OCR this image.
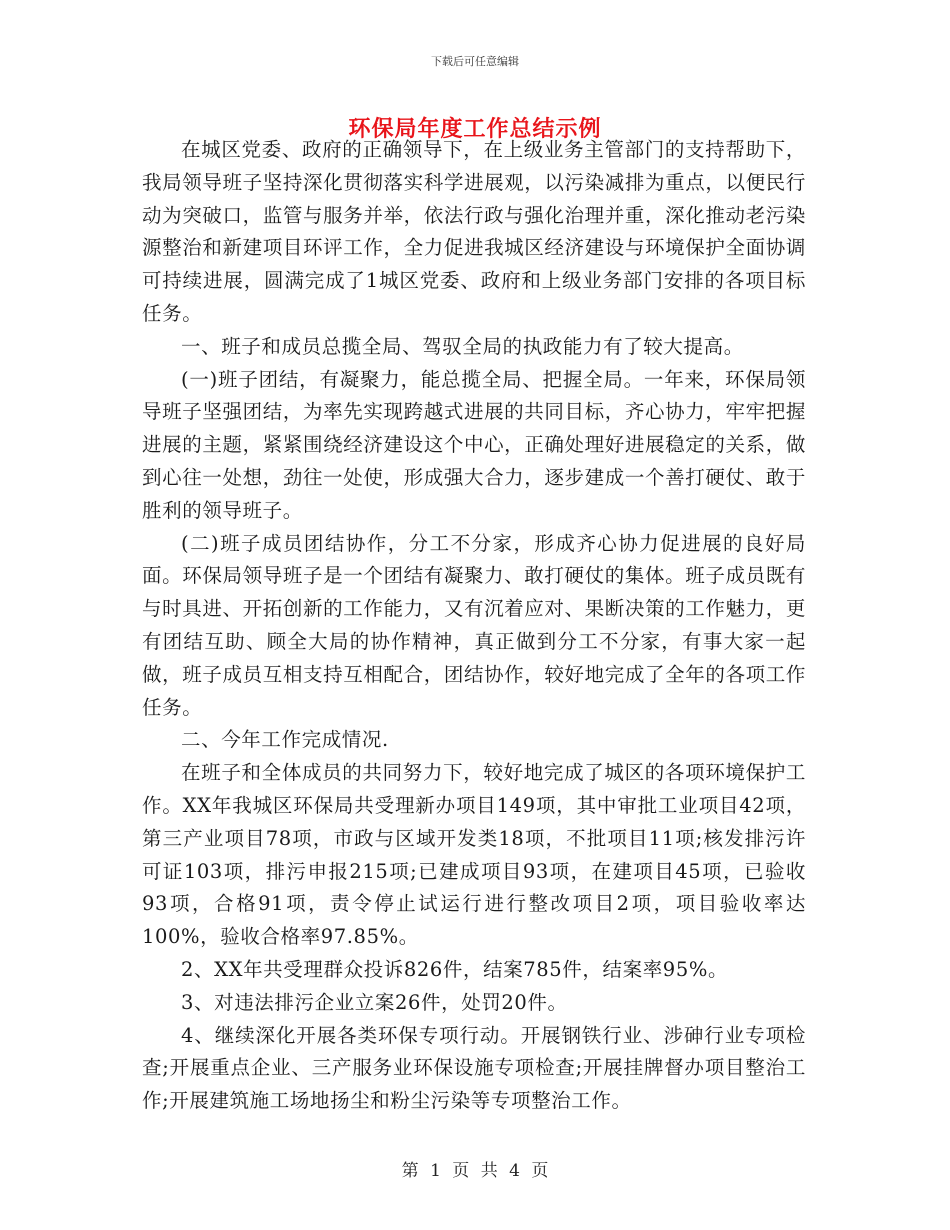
下载后可任意编辑
环保局年度工作总结示例

在城区党委、政府的正确领导下，在上级业务主管部门的支持帮助下，我局领导班子坚持深化贯彻落实科学进展观，以污染减排为重点，以便民行动为突破口，监管与服务并举，依法行政与强化治理并重，深化推动老污染源整治和新建项目环评工作，全力促进我城区经济建设与环境保护全面协调可持续进展，圆满完成了1城区党委、政府和上级业务部门安排的各项目标任务。

一、班子和成员总揽全局、驾驭全局的执政能力有了较大提高。

(一)班子团结，有凝聚力，能总揽全局、把握全局。一年来，环保局领导班子坚强团结，为率先实现跨越式进展的共同目标，齐心协力，牢牢把握进展的主题，紧紧围绕经济建设这个中心，正确处理好进展稳定的关系，做到心往一处想，劲往一处使，形成强大合力，逐步建成一个善打硬仗、敢于胜利的领导班子。

(二)班子成员团结协作，分工不分家，形成齐心协力促进展的良好局面。环保局领导班子是一个团结有凝聚力、敢打硬仗的集体。班子成员既有与时具进、开拓创新的工作能力，又有沉着应对、果断决策的工作魅力，更有团结互助、顾全大局的协作精神，真正做到分工不分家，有事大家一起做，班子成员互相支持互相配合，团结协作，较好地完成了全年的各项工作任务。

二、今年工作完成情况.

在班子和全体成员的共同努力下，较好地完成了城区的各项环境保护工作。XX年我城区环保局共受理新办项目149项，其中审批工业项目42项，第三产业项目78项，市政与区域开发类18项，不批项目11项;核发排污许可证103项，排污申报215项;已建成项目93项，在建项目45项，已验收93项，合格91项，责令停止试运行进行整改项目2项，项目验收率达100%，验收合格率97.85%。

2、XX年共受理群众投诉826件，结案785件，结案率95%。

3、对违法排污企业立案26件，处罚20件。

4、继续深化开展各类环保专项行动。开展钢铁行业、涉砷行业专项检查;开展重点企业、三产服务业环保设施专项检查;开展挂牌督办项目整治工作;开展建筑施工场地扬尘和粉尘污染等专项整治工作。

第 1 页 共 4 页
